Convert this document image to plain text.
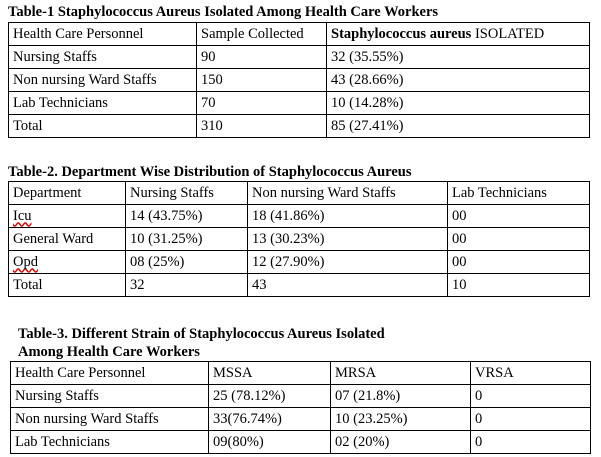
Table-1 Staphylococcus Aureus Isolated Among Health Care Workers
Health Care Personnel	Sample Collected	Staphylococcus aureus ISOLATED
Nursing Staffs	90	32 (35.55%)
Non nursing Ward Staffs	150	43 (28.66%)
Lab Technicians	70	10 (14.28%)
Total	310	85 (27.41%)
Table-2. Department Wise Distribution of Staphylococcus Aureus
Department	Nursing Staffs	Non nursing Ward Staffs	Lab Technicians
Icu	14 (43.75%)	18 (41.86%)	00
General Ward	10 (31.25%)	13 (30.23%)	00
Opd	08 (25%)	12 (27.90%)	00
Total	32	43	10
Table-3. Different Strain of Staphylococcus Aureus Isolated
Among Health Care Workers
Health Care Personnel	MSSA	MRSA	VRSA
Nursing Staffs	25 (78.12%)	07 (21.8%)	0
Non nursing Ward Staffs	33(76.74%)	10 (23.25%)	0
Lab Technicians	09(80%)	02 (20%)	0
